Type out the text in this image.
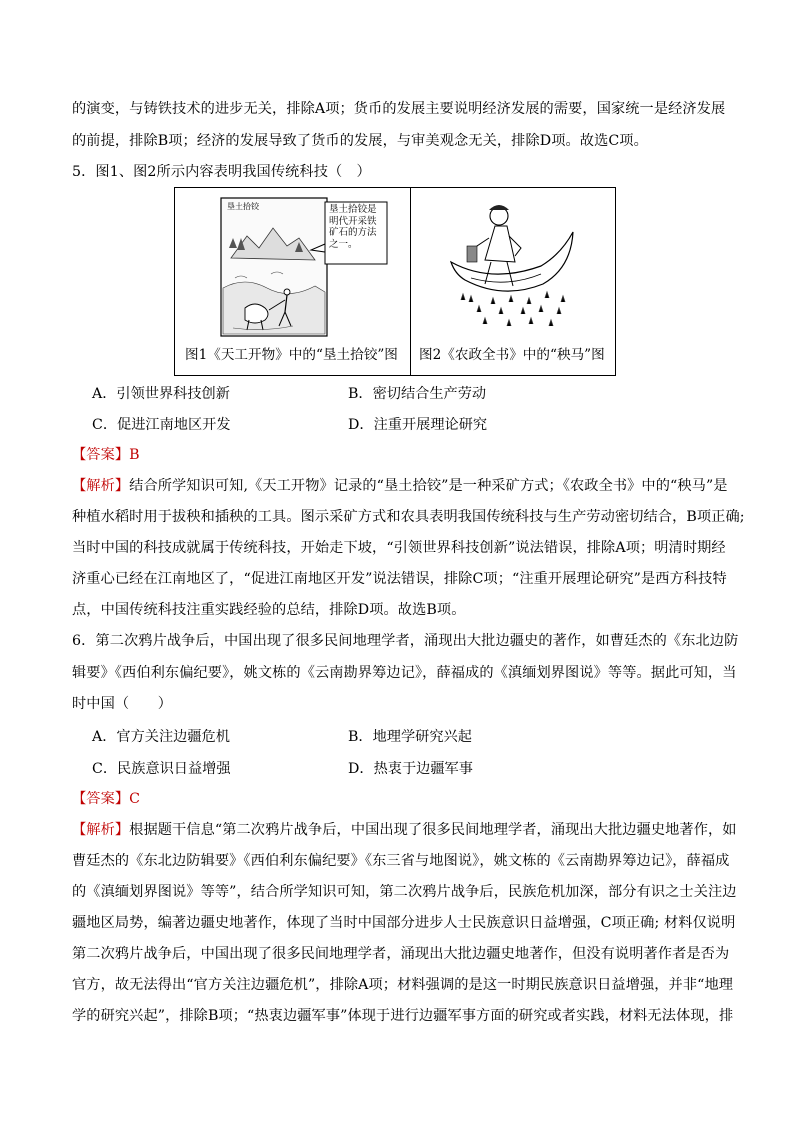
的演变，与铸铁技术的进步无关，排除A项；货币的发展主要说明经济发展的需要，国家统一是经济发展
的前提，排除B项；经济的发展导致了货币的发展，与审美观念无关，排除D项。故选C项。
5．图1、图2所示内容表明我国传统科技（　）
垦土拾铰	垦土拾铰是明代开采铁矿石的方法之一。
图1《天工开物》中的“垦土拾铰”图 图2《农政全书》中的“秧马”图
A．引领世界科技创新	B．密切结合生产劳动
C．促进江南地区开发	D．注重开展理论研究
【答案】B
【解析】结合所学知识可知,《天工开物》记录的“垦土拾铰”是一种采矿方式；《农政全书》中的“秧马”是
种植水稻时用于拔秧和插秧的工具。图示采矿方式和农具表明我国传统科技与生产劳动密切结合，B项正确;
当时中国的科技成就属于传统科技，开始走下坡，“引领世界科技创新”说法错误，排除A项；明清时期经
济重心已经在江南地区了，“促进江南地区开发”说法错误，排除C项；“注重开展理论研究”是西方科技特
点，中国传统科技注重实践经验的总结，排除D项。故选B项。
6．第二次鸦片战争后，中国出现了很多民间地理学者，涌现出大批边疆史的著作，如曹廷杰的《东北边防
辑要》《西伯利东偏纪要》，姚文栋的《云南勘界筹边记》，薛福成的《滇缅划界图说》等等。据此可知，当
时中国（　　）
A．官方关注边疆危机	B．地理学研究兴起
C．民族意识日益增强	D．热衷于边疆军事
【答案】C
【解析】根据题干信息“第二次鸦片战争后，中国出现了很多民间地理学者，涌现出大批边疆史地著作，如
曹廷杰的《东北边防辑要》《西伯利东偏纪要》《东三省与地图说》，姚文栋的《云南勘界筹边记》，薛福成
的《滇缅划界图说》等等”，结合所学知识可知，第二次鸦片战争后，民族危机加深，部分有识之士关注边
疆地区局势，编著边疆史地著作，体现了当时中国部分进步人士民族意识日益增强，C项正确; 材料仅说明
第二次鸦片战争后，中国出现了很多民间地理学者，涌现出大批边疆史地著作，但没有说明著作者是否为
官方，故无法得出“官方关注边疆危机”，排除A项；材料强调的是这一时期民族意识日益增强，并非“地理
学的研究兴起”，排除B项；“热衷边疆军事”体现于进行边疆军事方面的研究或者实践，材料无法体现，排
